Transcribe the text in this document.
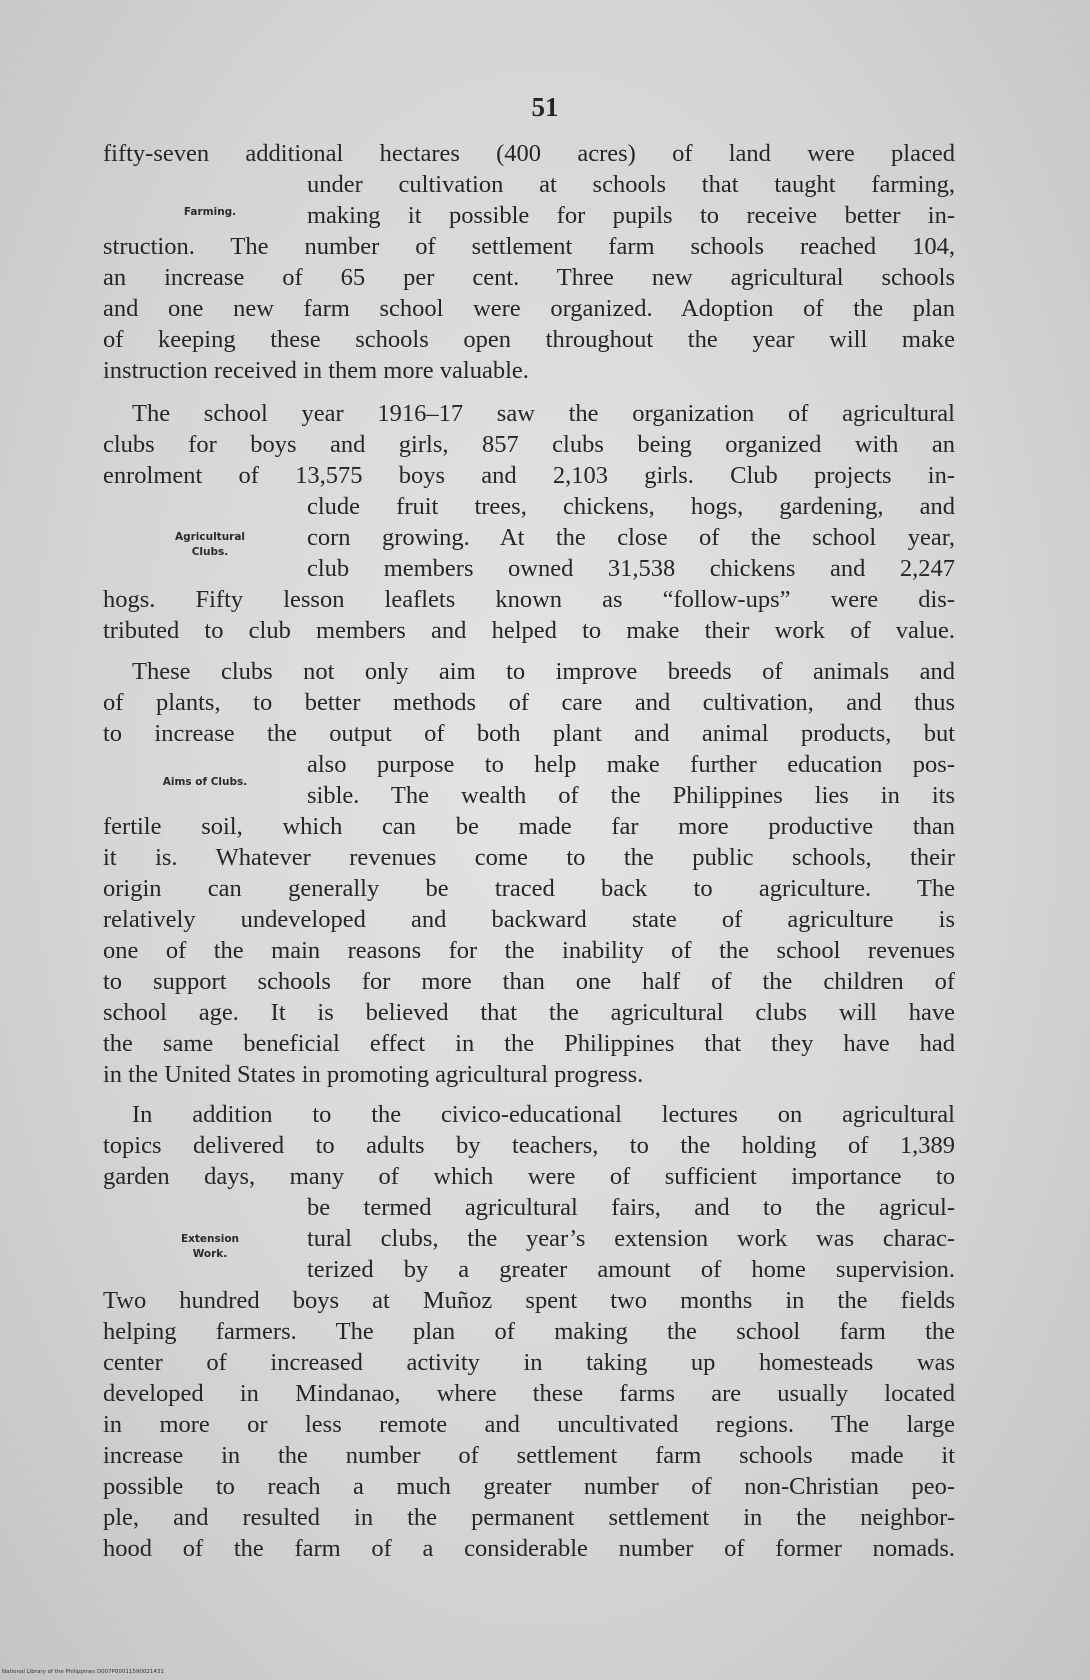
51
fifty-seven additional hectares (400 acres) of land were placed
under cultivation at schools that taught farming,
making it possible for pupils to receive better in-
struction. The number of settlement farm schools reached 104,
an increase of 65 per cent. Three new agricultural schools
and one new farm school were organized. Adoption of the plan
of keeping these schools open throughout the year will make
instruction received in them more valuable.
The school year 1916–17 saw the organization of agricultural
clubs for boys and girls, 857 clubs being organized with an
enrolment of 13,575 boys and 2,103 girls. Club projects in-
clude fruit trees, chickens, hogs, gardening, and
corn growing. At the close of the school year,
club members owned 31,538 chickens and 2,247
hogs. Fifty lesson leaflets known as “follow-ups” were dis-
tributed to club members and helped to make their work of value.
These clubs not only aim to improve breeds of animals and
of plants, to better methods of care and cultivation, and thus
to increase the output of both plant and animal products, but
also purpose to help make further education pos-
sible. The wealth of the Philippines lies in its
fertile soil, which can be made far more productive than
it is. Whatever revenues come to the public schools, their
origin can generally be traced back to agriculture. The
relatively undeveloped and backward state of agriculture is
one of the main reasons for the inability of the school revenues
to support schools for more than one half of the children of
school age. It is believed that the agricultural clubs will have
the same beneficial effect in the Philippines that they have had
in the United States in promoting agricultural progress.
In addition to the civico-educational lectures on agricultural
topics delivered to adults by teachers, to the holding of 1,389
garden days, many of which were of sufficient importance to
be termed agricultural fairs, and to the agricul-
tural clubs, the year’s extension work was charac-
terized by a greater amount of home supervision.
Two hundred boys at Muñoz spent two months in the fields
helping farmers. The plan of making the school farm the
center of increased activity in taking up homesteads was
developed in Mindanao, where these farms are usually located
in more or less remote and uncultivated regions. The large
increase in the number of settlement farm schools made it
possible to reach a much greater number of non-Christian peo-
ple, and resulted in the permanent settlement in the neighbor-
hood of the farm of a considerable number of former nomads.
Farming.
Agricultural
Clubs.
Aims of Clubs.
Extension
Work.
National Library of the Philippines D007P00011590021431
